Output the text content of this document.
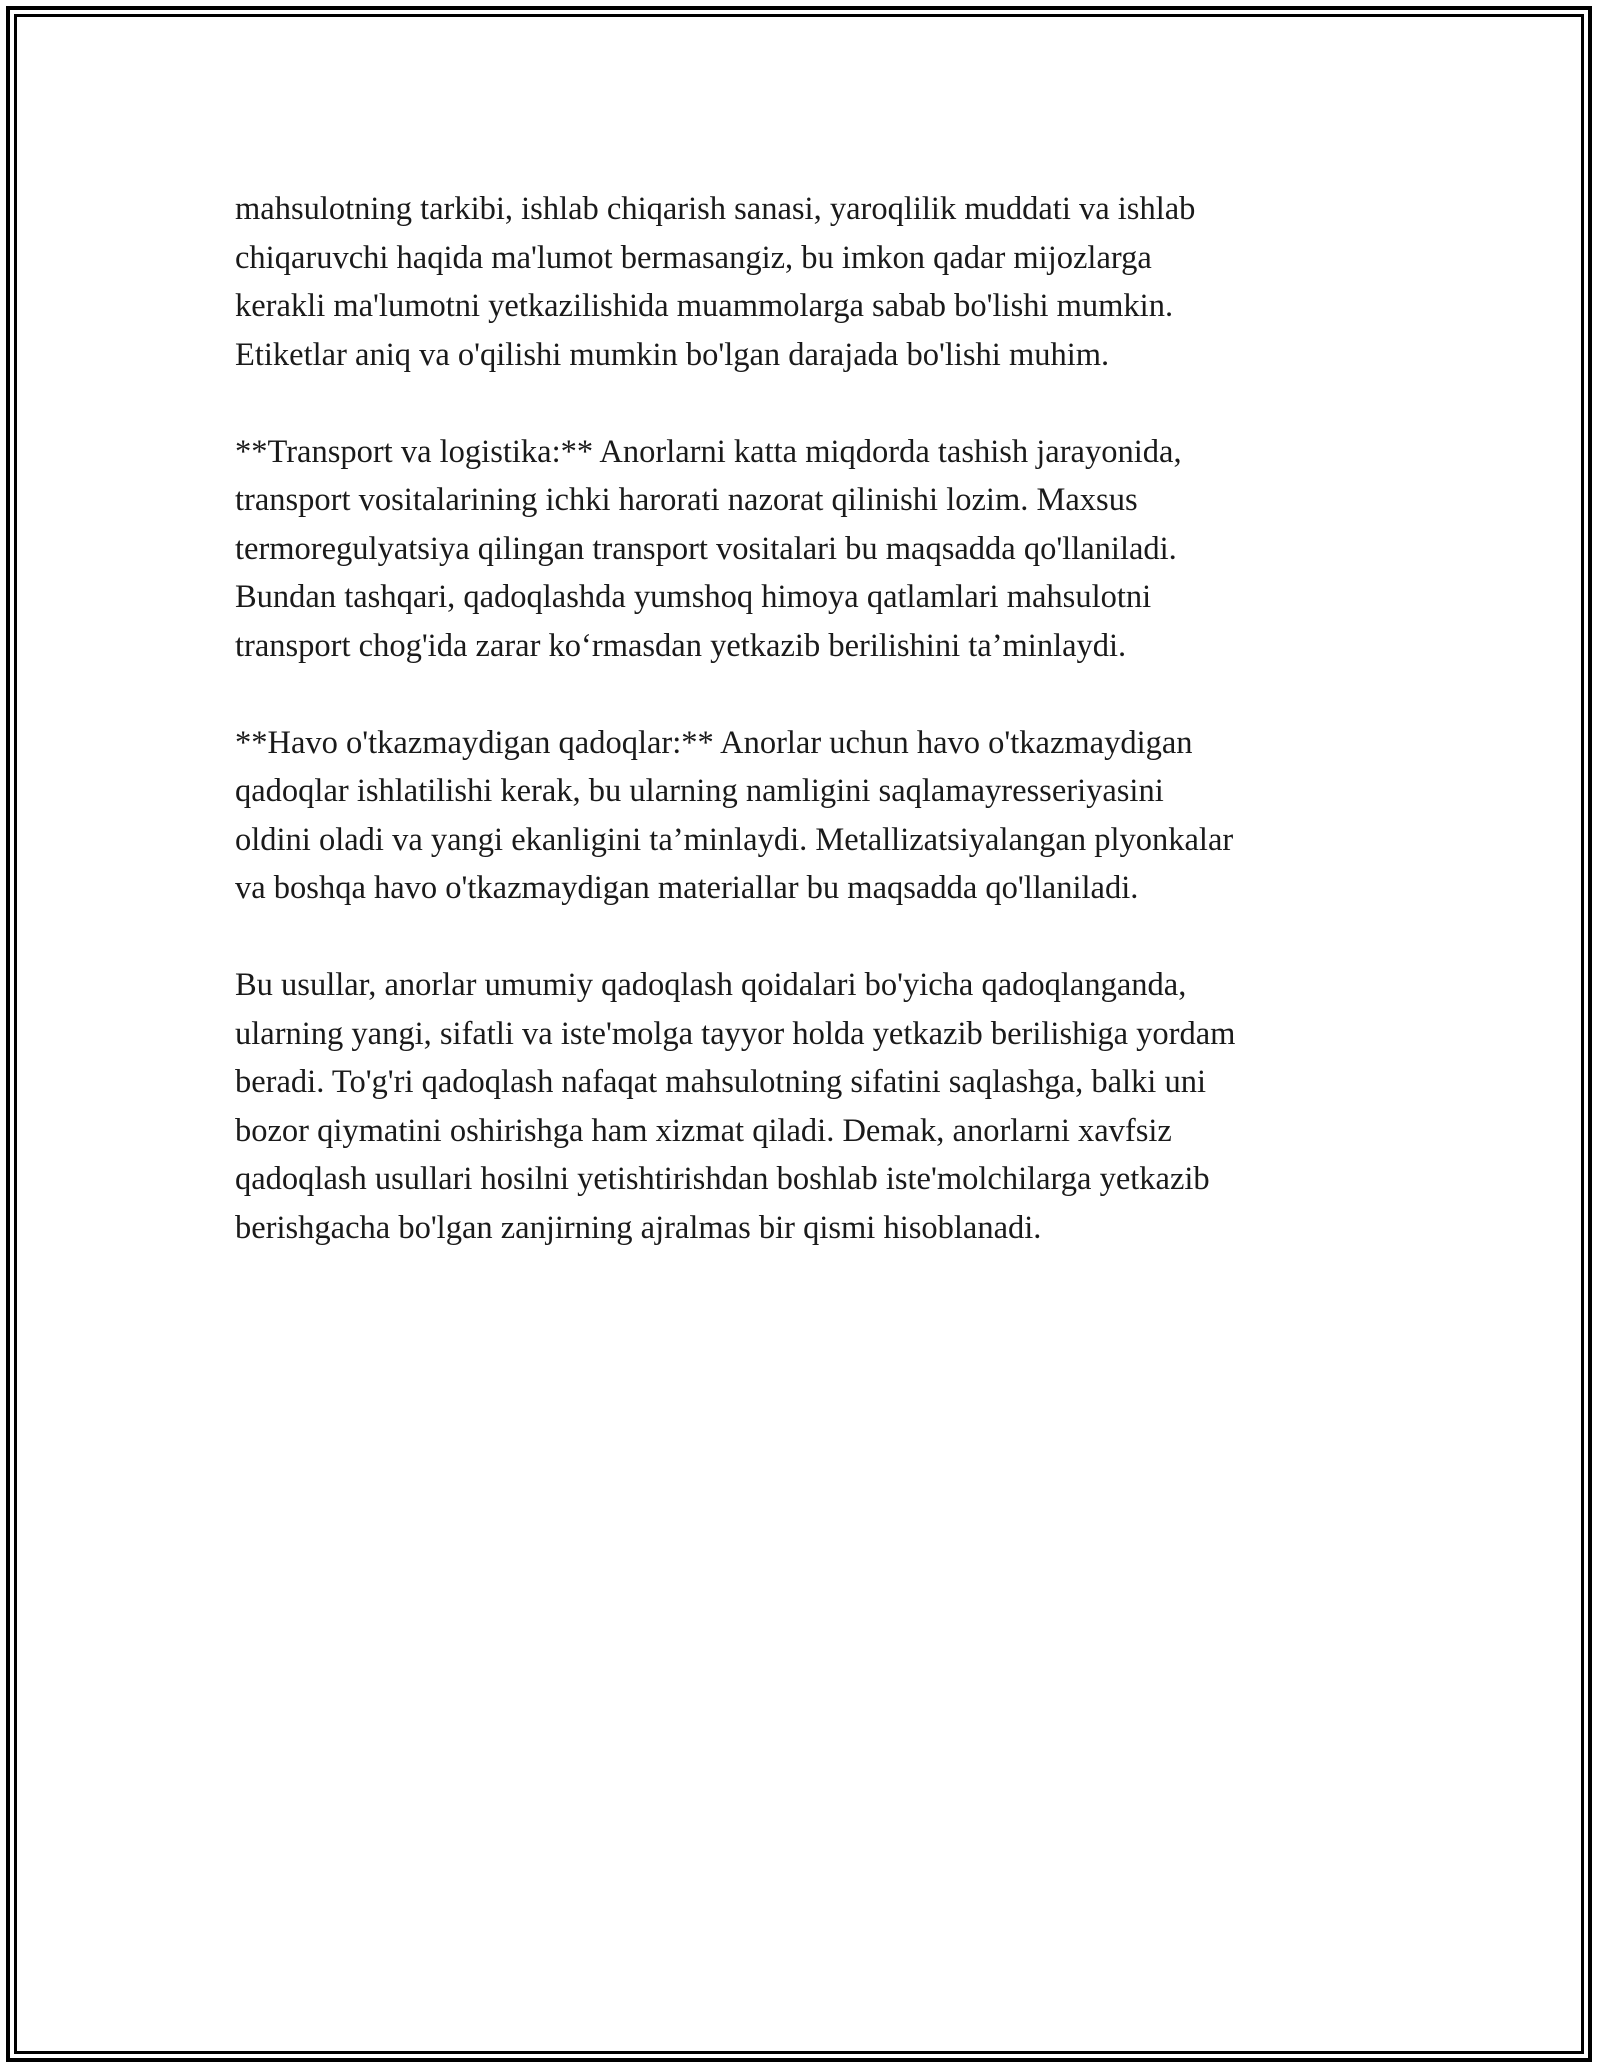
mahsulotning tarkibi, ishlab chiqarish sanasi, yaroqlilik muddati va ishlab
chiqaruvchi haqida ma'lumot bermasangiz, bu imkon qadar mijozlarga
kerakli ma'lumotni yetkazilishida muammolarga sabab bo'lishi mumkin.
Etiketlar aniq va o'qilishi mumkin bo'lgan darajada bo'lishi muhim.

**Transport va logistika:** Anorlarni katta miqdorda tashish jarayonida,
transport vositalarining ichki harorati nazorat qilinishi lozim. Maxsus
termoregulyatsiya qilingan transport vositalari bu maqsadda qo'llaniladi.
Bundan tashqari, qadoqlashda yumshoq himoya qatlamlari mahsulotni
transport chog'ida zarar ko‘rmasdan yetkazib berilishini ta’minlaydi.

**Havo o'tkazmaydigan qadoqlar:** Anorlar uchun havo o'tkazmaydigan
qadoqlar ishlatilishi kerak, bu ularning namligini saqlamayresseriyasini
oldini oladi va yangi ekanligini ta’minlaydi. Metallizatsiyalangan plyonkalar
va boshqa havo o'tkazmaydigan materiallar bu maqsadda qo'llaniladi.

Bu usullar, anorlar umumiy qadoqlash qoidalari bo'yicha qadoqlanganda,
ularning yangi, sifatli va iste'molga tayyor holda yetkazib berilishiga yordam
beradi. To'g'ri qadoqlash nafaqat mahsulotning sifatini saqlashga, balki uni
bozor qiymatini oshirishga ham xizmat qiladi. Demak, anorlarni xavfsiz
qadoqlash usullari hosilni yetishtirishdan boshlab iste'molchilarga yetkazib
berishgacha bo'lgan zanjirning ajralmas bir qismi hisoblanadi.
